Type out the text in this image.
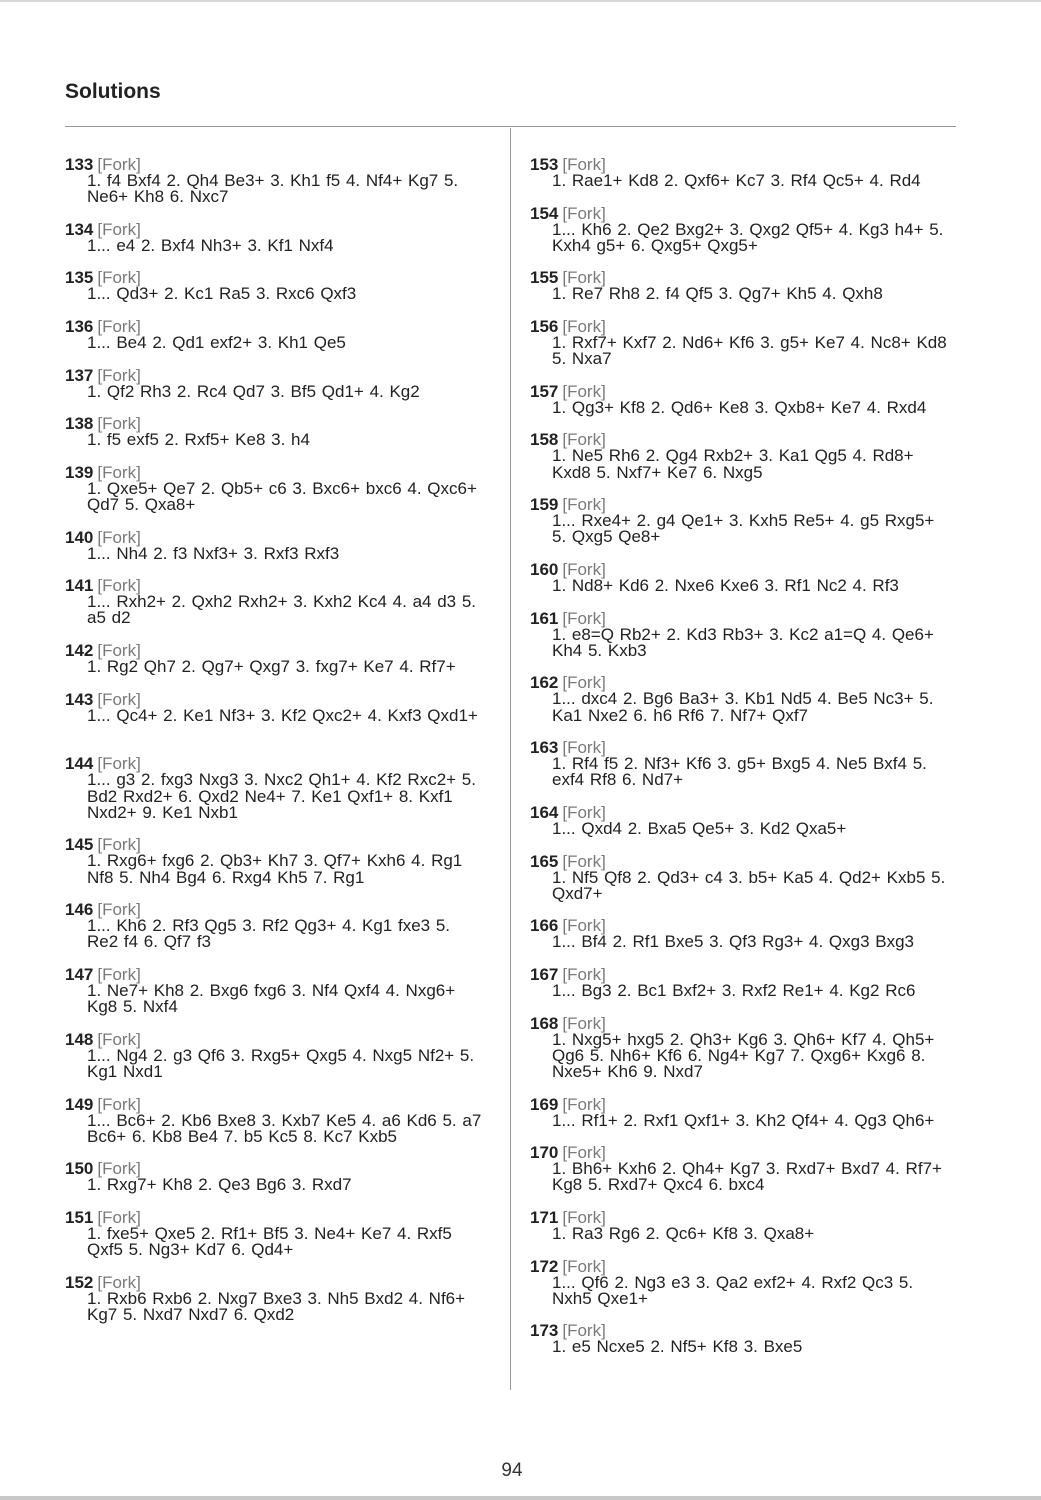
Solutions
133 [Fork]
1. f4 Bxf4 2. Qh4 Be3+ 3. Kh1 f5 4. Nf4+ Kg7 5. Ne6+ Kh8 6. Nxc7
134 [Fork]
1... e4 2. Bxf4 Nh3+ 3. Kf1 Nxf4
135 [Fork]
1... Qd3+ 2. Kc1 Ra5 3. Rxc6 Qxf3
136 [Fork]
1... Be4 2. Qd1 exf2+ 3. Kh1 Qe5
137 [Fork]
1. Qf2 Rh3 2. Rc4 Qd7 3. Bf5 Qd1+ 4. Kg2
138 [Fork]
1. f5 exf5 2. Rxf5+ Ke8 3. h4
139 [Fork]
1. Qxe5+ Qe7 2. Qb5+ c6 3. Bxc6+ bxc6 4. Qxc6+ Qd7 5. Qxa8+
140 [Fork]
1... Nh4 2. f3 Nxf3+ 3. Rxf3 Rxf3
141 [Fork]
1... Rxh2+ 2. Qxh2 Rxh2+ 3. Kxh2 Kc4 4. a4 d3 5. a5 d2
142 [Fork]
1. Rg2 Qh7 2. Qg7+ Qxg7 3. fxg7+ Ke7 4. Rf7+
143 [Fork]
1... Qc4+ 2. Ke1 Nf3+ 3. Kf2 Qxc2+ 4. Kxf3 Qxd1+
144 [Fork]
1... g3 2. fxg3 Nxg3 3. Nxc2 Qh1+ 4. Kf2 Rxc2+ 5. Bd2 Rxd2+ 6. Qxd2 Ne4+ 7. Ke1 Qxf1+ 8. Kxf1 Nxd2+ 9. Ke1 Nxb1
145 [Fork]
1. Rxg6+ fxg6 2. Qb3+ Kh7 3. Qf7+ Kxh6 4. Rg1 Nf8 5. Nh4 Bg4 6. Rxg4 Kh5 7. Rg1
146 [Fork]
1... Kh6 2. Rf3 Qg5 3. Rf2 Qg3+ 4. Kg1 fxe3 5. Re2 f4 6. Qf7 f3
147 [Fork]
1. Ne7+ Kh8 2. Bxg6 fxg6 3. Nf4 Qxf4 4. Nxg6+ Kg8 5. Nxf4
148 [Fork]
1... Ng4 2. g3 Qf6 3. Rxg5+ Qxg5 4. Nxg5 Nf2+ 5. Kg1 Nxd1
149 [Fork]
1... Bc6+ 2. Kb6 Bxe8 3. Kxb7 Ke5 4. a6 Kd6 5. a7 Bc6+ 6. Kb8 Be4 7. b5 Kc5 8. Kc7 Kxb5
150 [Fork]
1. Rxg7+ Kh8 2. Qe3 Bg6 3. Rxd7
151 [Fork]
1. fxe5+ Qxe5 2. Rf1+ Bf5 3. Ne4+ Ke7 4. Rxf5 Qxf5 5. Ng3+ Kd7 6. Qd4+
152 [Fork]
1. Rxb6 Rxb6 2. Nxg7 Bxe3 3. Nh5 Bxd2 4. Nf6+ Kg7 5. Nxd7 Nxd7 6. Qxd2
153 [Fork]
1. Rae1+ Kd8 2. Qxf6+ Kc7 3. Rf4 Qc5+ 4. Rd4
154 [Fork]
1... Kh6 2. Qe2 Bxg2+ 3. Qxg2 Qf5+ 4. Kg3 h4+ 5. Kxh4 g5+ 6. Qxg5+ Qxg5+
155 [Fork]
1. Re7 Rh8 2. f4 Qf5 3. Qg7+ Kh5 4. Qxh8
156 [Fork]
1. Rxf7+ Kxf7 2. Nd6+ Kf6 3. g5+ Ke7 4. Nc8+ Kd8 5. Nxa7
157 [Fork]
1. Qg3+ Kf8 2. Qd6+ Ke8 3. Qxb8+ Ke7 4. Rxd4
158 [Fork]
1. Ne5 Rh6 2. Qg4 Rxb2+ 3. Ka1 Qg5 4. Rd8+ Kxd8 5. Nxf7+ Ke7 6. Nxg5
159 [Fork]
1... Rxe4+ 2. g4 Qe1+ 3. Kxh5 Re5+ 4. g5 Rxg5+ 5. Qxg5 Qe8+
160 [Fork]
1. Nd8+ Kd6 2. Nxe6 Kxe6 3. Rf1 Nc2 4. Rf3
161 [Fork]
1. e8=Q Rb2+ 2. Kd3 Rb3+ 3. Kc2 a1=Q 4. Qe6+ Kh4 5. Kxb3
162 [Fork]
1... dxc4 2. Bg6 Ba3+ 3. Kb1 Nd5 4. Be5 Nc3+ 5. Ka1 Nxe2 6. h6 Rf6 7. Nf7+ Qxf7
163 [Fork]
1. Rf4 f5 2. Nf3+ Kf6 3. g5+ Bxg5 4. Ne5 Bxf4 5. exf4 Rf8 6. Nd7+
164 [Fork]
1... Qxd4 2. Bxa5 Qe5+ 3. Kd2 Qxa5+
165 [Fork]
1. Nf5 Qf8 2. Qd3+ c4 3. b5+ Ka5 4. Qd2+ Kxb5 5. Qxd7+
166 [Fork]
1... Bf4 2. Rf1 Bxe5 3. Qf3 Rg3+ 4. Qxg3 Bxg3
167 [Fork]
1... Bg3 2. Bc1 Bxf2+ 3. Rxf2 Re1+ 4. Kg2 Rc6
168 [Fork]
1. Nxg5+ hxg5 2. Qh3+ Kg6 3. Qh6+ Kf7 4. Qh5+ Qg6 5. Nh6+ Kf6 6. Ng4+ Kg7 7. Qxg6+ Kxg6 8. Nxe5+ Kh6 9. Nxd7
169 [Fork]
1... Rf1+ 2. Rxf1 Qxf1+ 3. Kh2 Qf4+ 4. Qg3 Qh6+
170 [Fork]
1. Bh6+ Kxh6 2. Qh4+ Kg7 3. Rxd7+ Bxd7 4. Rf7+ Kg8 5. Rxd7+ Qxc4 6. bxc4
171 [Fork]
1. Ra3 Rg6 2. Qc6+ Kf8 3. Qxa8+
172 [Fork]
1... Qf6 2. Ng3 e3 3. Qa2 exf2+ 4. Rxf2 Qc3 5. Nxh5 Qxe1+
173 [Fork]
1. e5 Ncxe5 2. Nf5+ Kf8 3. Bxe5
94
